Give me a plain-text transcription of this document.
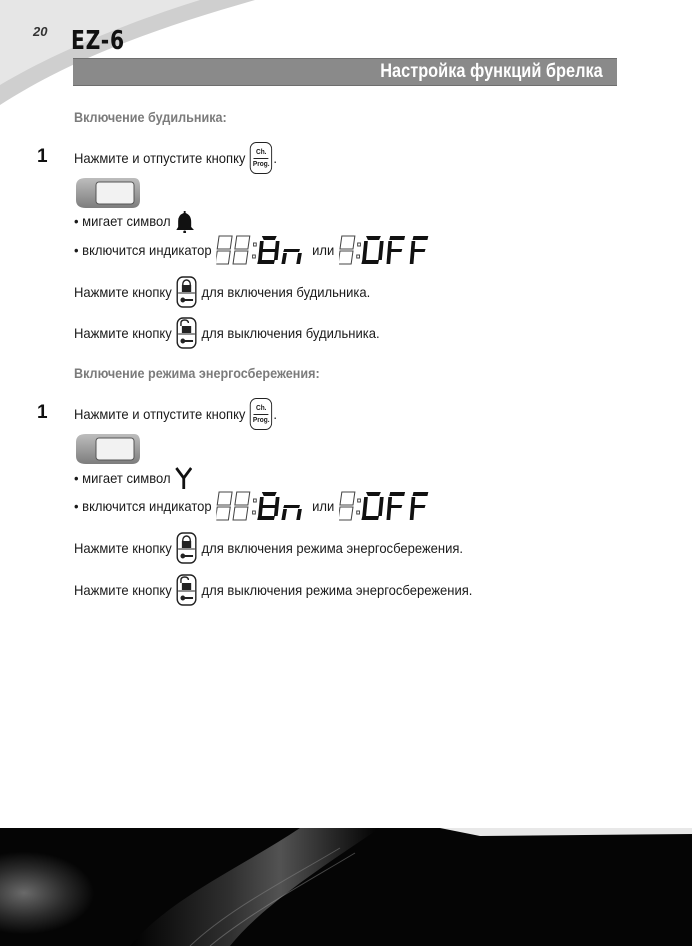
20 EZ-6
Настройка функций брелка
Включение будильника:
1 Нажмите и отпустите кнопку Ch.
Prog. .
• мигает символ
• включится индикатор	или
Нажмите кнопку для включения будильника.
Нажмите кнопку для выключения будильника.
Включение режима энергосбережения:
1 Нажмите и отпустите кнопку Ch.
Prog. .
• мигает символ
• включится индикатор	или
Нажмите кнопку для включения режима энергосбережения.
Нажмите кнопку для выключения режима энергосбережения.
